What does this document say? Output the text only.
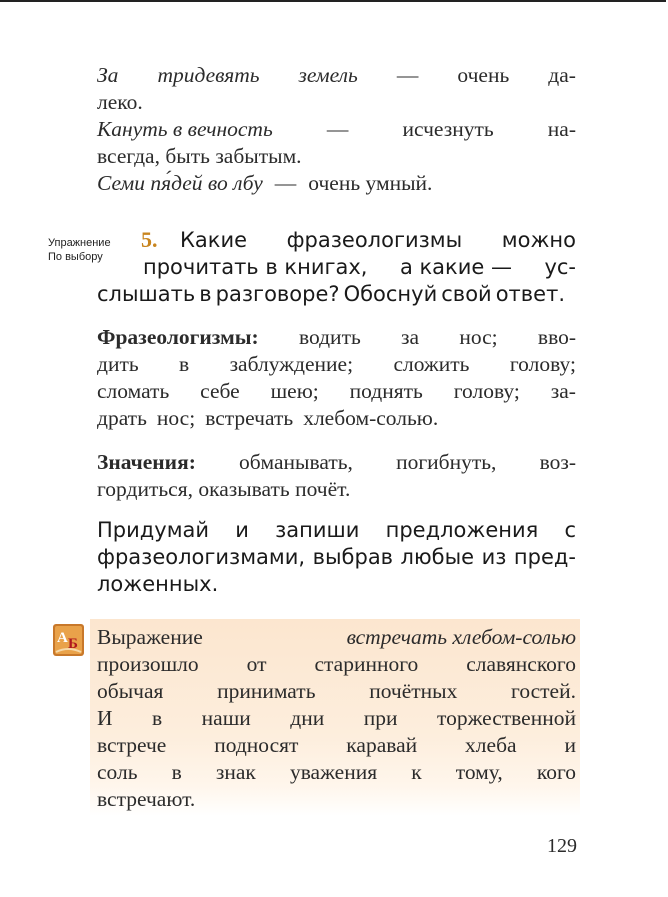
За тридевять земель — очень да-
леко.
Кануть в вечность	—	исчезнуть	на-
всегда, быть забытым.
Семи пя́дей во лбу — очень умный.
Упражнение
По выбору
5. Какие фразеологизмы можно
прочитать в книгах, а какие — ус-
слышать в разговоре? Обоснуй свой ответ.
Фразеологизмы: водить за нос; вво-
дить в заблуждение; сложить голову;
сломать себе шею; поднять голову; за-
драть нос; встречать хлебом-солью.
Значения: обманывать, погибнуть, воз-
гордиться, оказывать почёт.
Придумай и запиши предложения с
фразеологизмами, выбрав любые из пред-
ложенных.
А Б Выражение	встречать хлебом-солью
произошло от старинного славянского
обычая принимать почётных гостей.
И в наши дни при торжественной
встрече подносят каравай хлеба и
соль в знак уважения к тому, кого
встречают.
129
